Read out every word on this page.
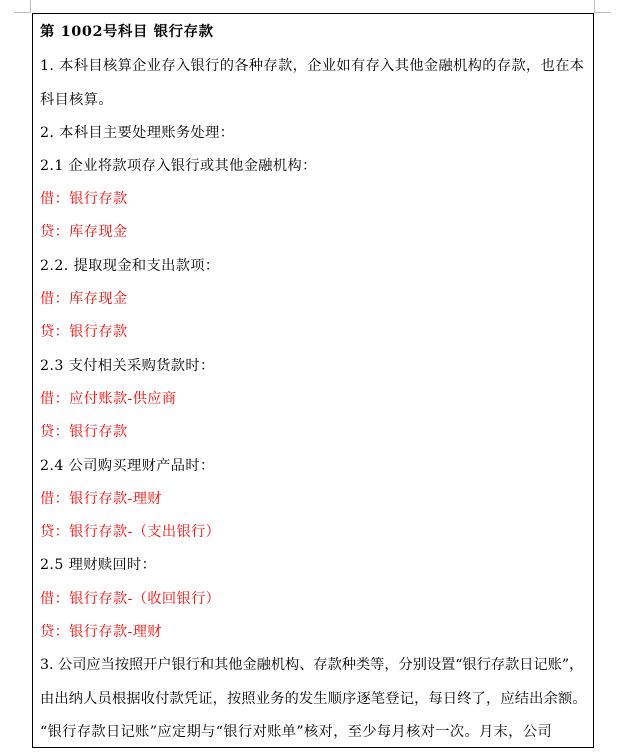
第 1002号科目 银行存款
1. 本科目核算企业存入银行的各种存款，企业如有存入其他金融机构的存款，也在本
科目核算。
2. 本科目主要处理账务处理：
2.1 企业将款项存入银行或其他金融机构：
借：银行存款
贷：库存现金
2.2. 提取现金和支出款项：
借：库存现金
贷：银行存款
2.3 支付相关采购货款时：
借：应付账款-供应商
贷：银行存款
2.4 公司购买理财产品时：
借：银行存款-理财
贷：银行存款-（支出银行）
2.5 理财赎回时：
借：银行存款-（收回银行）
贷：银行存款-理财
3. 公司应当按照开户银行和其他金融机构、存款种类等，分别设置“银行存款日记账”，
由出纳人员根据收付款凭证，按照业务的发生顺序逐笔登记，每日终了，应结出余额。
“银行存款日记账”应定期与“银行对账单”核对，至少每月核对一次。月末，公司
